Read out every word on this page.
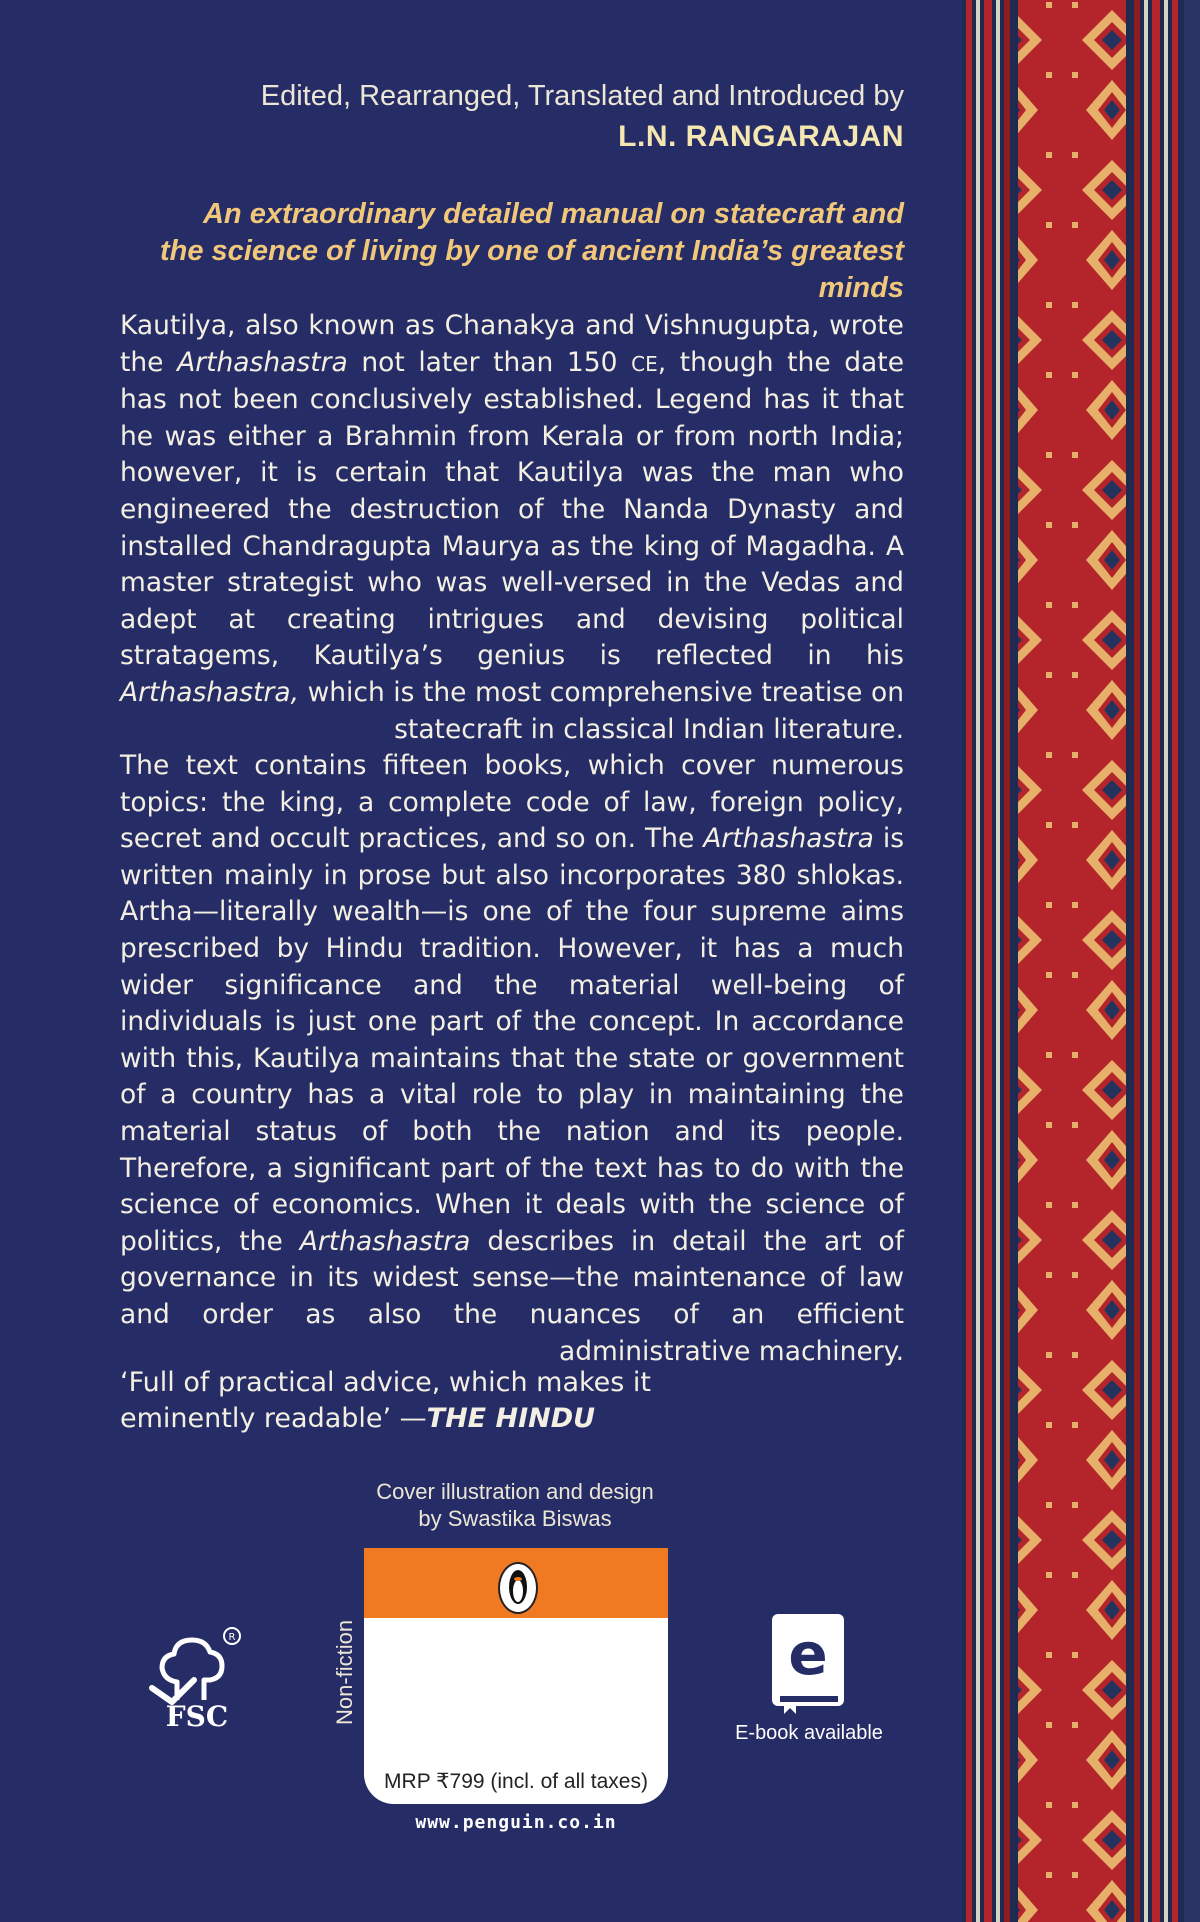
Edited, Rearranged, Translated and Introduced by
L.N. RANGARAJAN
An extraordinary detailed manual on statecraft and
the science of living by one of ancient India’s greatest minds

Kautilya, also known as Chanakya and Vishnugupta, wrote the Arthashastra not later than 150 CE, though the date has not been conclusively established. Legend has it that he was either a Brahmin from Kerala or from north India; however, it is certain that Kautilya was the man who engineered the destruction of the Nanda Dynasty and installed Chandragupta Maurya as the king of Magadha. A master strategist who was well-versed in the Vedas and adept at creating intrigues and devising political stratagems, Kautilya’s genius is reflected in his Arthashastra, which is the most comprehensive treatise on statecraft in classical Indian literature.

The text contains fifteen books, which cover numerous topics: the king, a complete code of law, foreign policy, secret and occult practices, and so on. The Arthashastra is written mainly in prose but also incorporates 380 shlokas. Artha—literally wealth—is one of the four supreme aims prescribed by Hindu tradition. However, it has a much wider significance and the material well-being of individuals is just one part of the concept. In accordance with this, Kautilya maintains that the state or government of a country has a vital role to play in maintaining the material status of both the nation and its people. Therefore, a significant part of the text has to do with the science of economics. When it deals with the science of politics, the Arthashastra describes in detail the art of governance in its widest sense—the maintenance of law and order as also the nuances of an efficient administrative machinery.

‘Full of practical advice, which makes it eminently readable’ —THE HINDU
Cover illustration and design
by Swastika Biswas
R
FSC	Non-fiction
MRP ₹799 (incl. of all taxes)
www.penguin.co.in
e
E-book available
